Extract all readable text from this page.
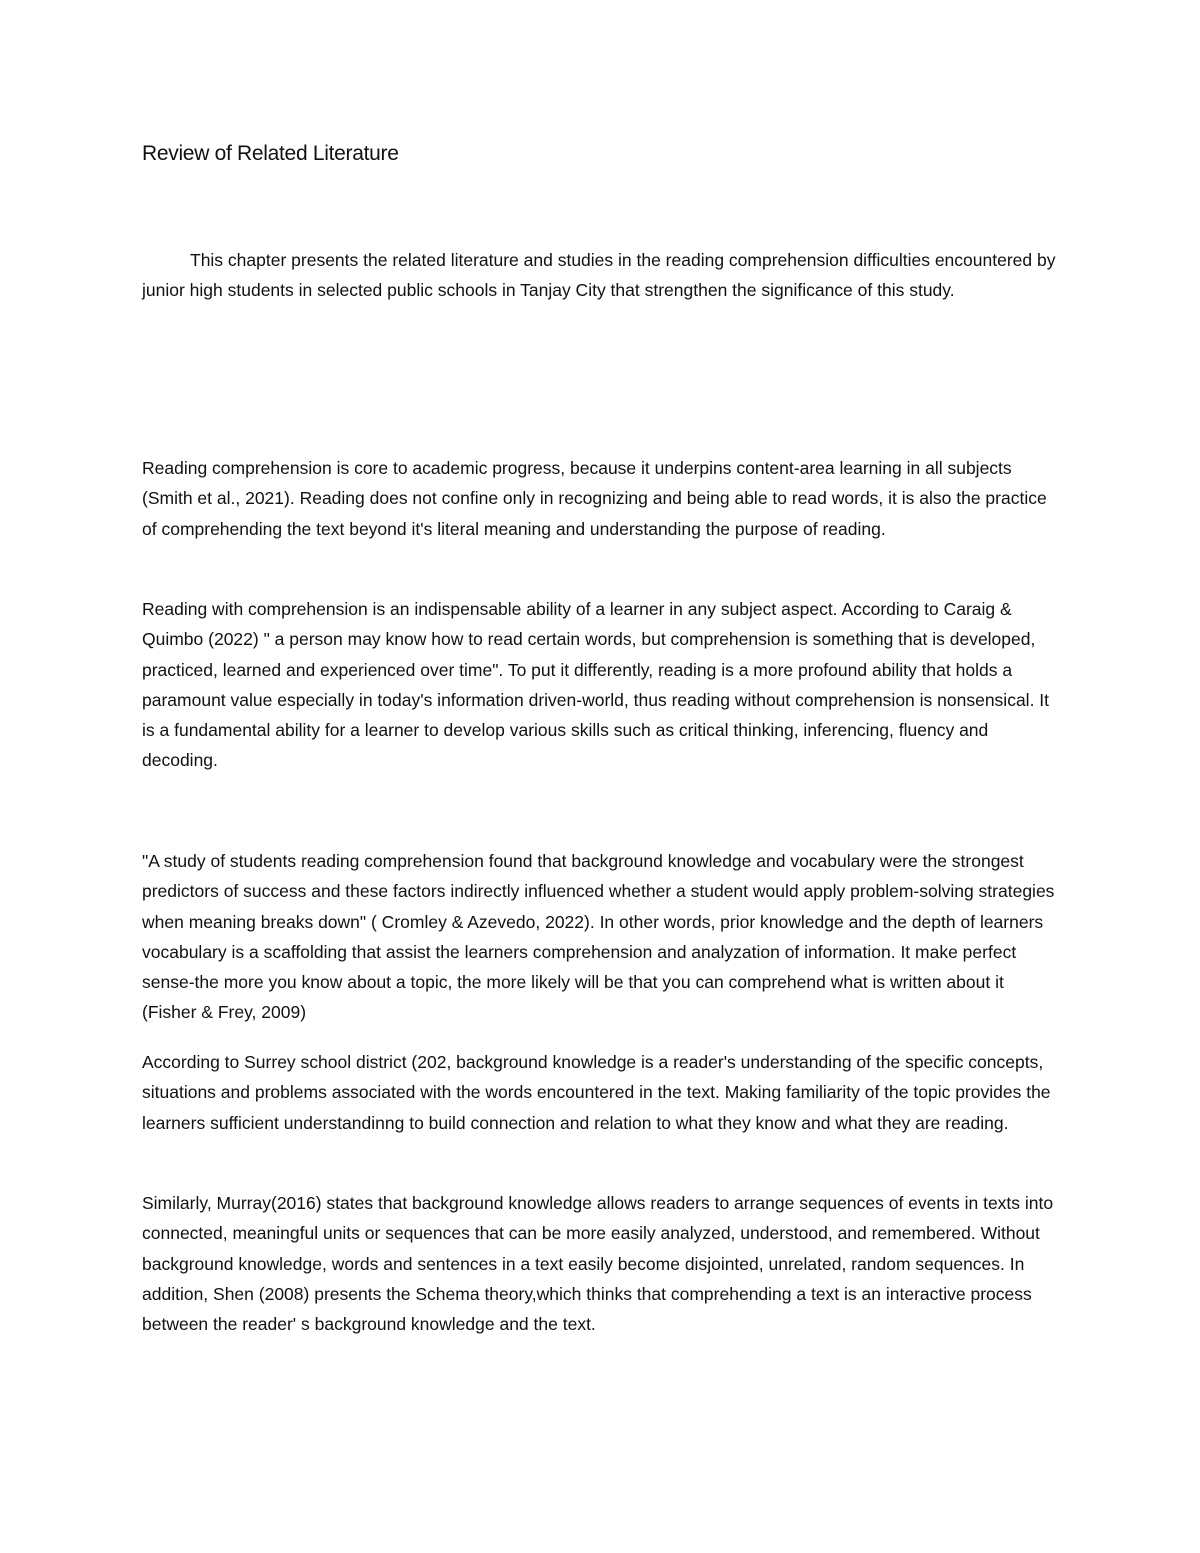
Review of Related Literature

This chapter presents the related literature and studies in the reading comprehension difficulties encountered by junior high students in selected public schools in Tanjay City that strengthen the significance of this study.

Reading comprehension is core to academic progress, because it underpins content-area learning in all subjects (Smith et al., 2021). Reading does not confine only in recognizing and being able to read words, it is also the practice of comprehending the text beyond it's literal meaning and understanding the purpose of reading.

Reading with comprehension is an indispensable ability of a learner in any subject aspect. According to Caraig & Quimbo (2022) " a person may know how to read certain words, but comprehension is something that is developed, practiced, learned and experienced over time". To put it differently, reading is a more profound ability that holds a paramount value especially in today's information driven-world, thus reading without comprehension is nonsensical. It is a fundamental ability for a learner to develop various skills such as critical thinking, inferencing, fluency and decoding.

"A study of students reading comprehension found that background knowledge and vocabulary were the strongest predictors of success and these factors indirectly influenced whether a student would apply problem-solving strategies when meaning breaks down" ( Cromley & Azevedo, 2022). In other words, prior knowledge and the depth of learners vocabulary is a scaffolding that assist the learners comprehension and analyzation of information. It make perfect sense-the more you know about a topic, the more likely will be that you can comprehend what is written about it (Fisher & Frey, 2009)

According to Surrey school district (202, background knowledge is a reader's understanding of the specific concepts, situations and problems associated with the words encountered in the text. Making familiarity of the topic provides the learners sufficient understandinng to build connection and relation to what they know and what they are reading.

Similarly, Murray(2016) states that background knowledge allows readers to arrange sequences of events in texts into connected, meaningful units or sequences that can be more easily analyzed, understood, and remembered. Without background knowledge, words and sentences in a text easily become disjointed, unrelated, random sequences. In addition, Shen (2008) presents the Schema theory,which thinks that comprehending a text is an interactive process between the reader' s background knowledge and the text.
